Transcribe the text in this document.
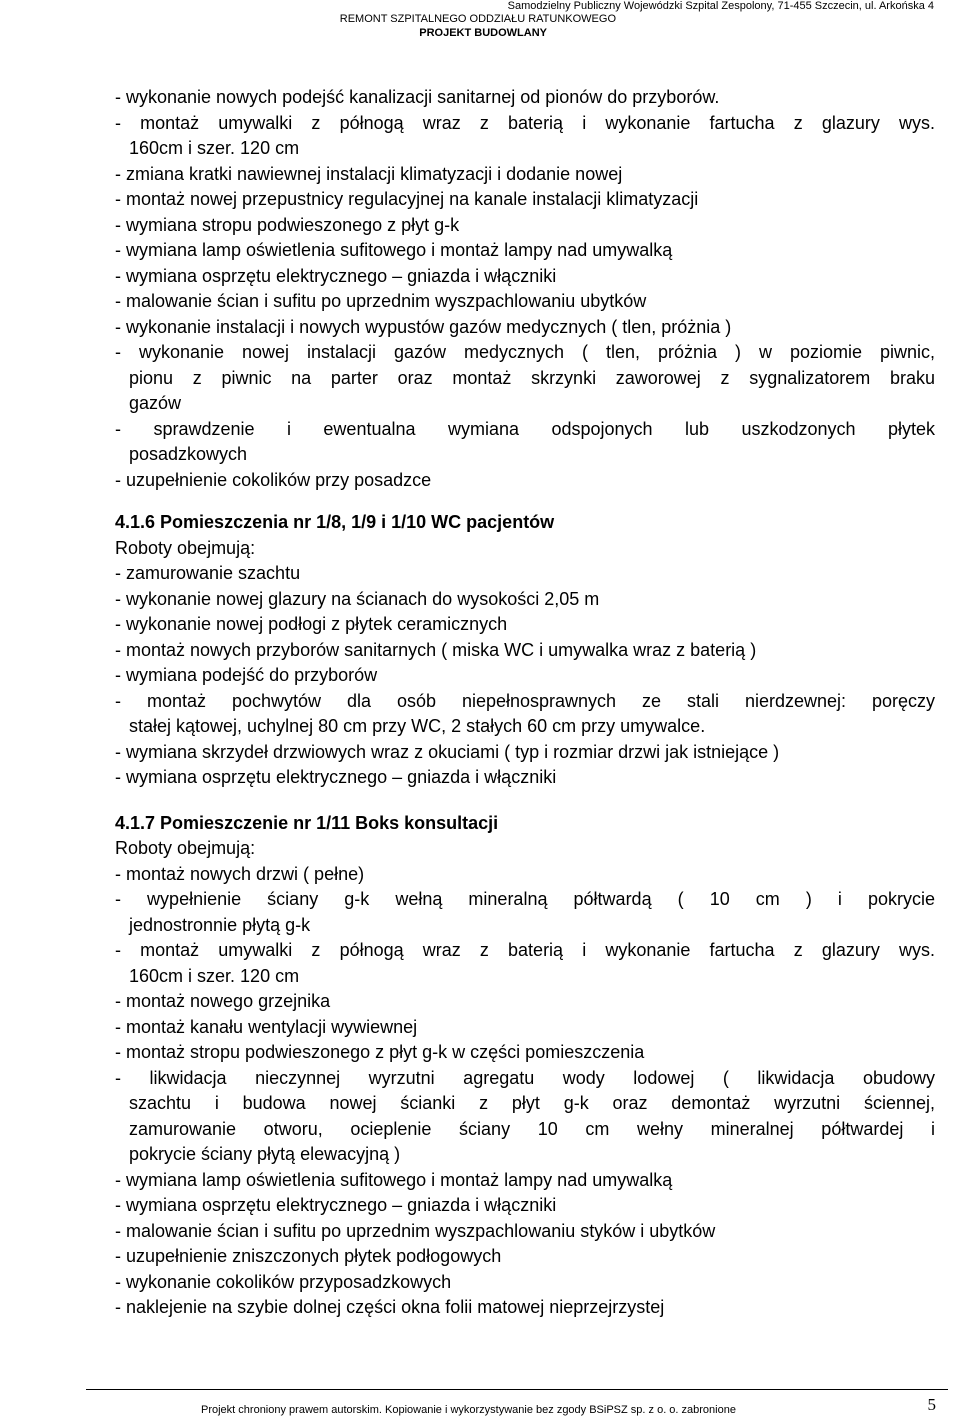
Samodzielny Publiczny Wojewódzki Szpital Zespolony, 71-455 Szczecin, ul. Arkońska 4
REMONT SZPITALNEGO ODDZIAŁU RATUNKOWEGO
PROJEKT BUDOWLANY
- wykonanie nowych podejść kanalizacji sanitarnej od pionów do przyborów.
- montaż umywalki z półnogą wraz z baterią i wykonanie fartucha z glazury wys.
160cm i szer. 120 cm
- zmiana kratki nawiewnej instalacji klimatyzacji i dodanie nowej
- montaż nowej przepustnicy regulacyjnej na kanale instalacji klimatyzacji
- wymiana stropu podwieszonego z płyt g-k
- wymiana lamp oświetlenia sufitowego i montaż lampy nad umywalką
- wymiana osprzętu elektrycznego – gniazda i włączniki
- malowanie ścian i sufitu po uprzednim wyszpachlowaniu ubytków
- wykonanie instalacji i nowych wypustów gazów medycznych ( tlen, próżnia )
- wykonanie nowej instalacji gazów medycznych ( tlen, próżnia ) w poziomie piwnic,
pionu z piwnic na parter oraz montaż skrzynki zaworowej z sygnalizatorem braku
gazów
- sprawdzenie i ewentualna wymiana odspojonych lub uszkodzonych płytek
posadzkowych
- uzupełnienie cokolików przy posadzce
4.1.6 Pomieszczenia nr 1/8, 1/9 i 1/10 WC pacjentów
Roboty obejmują:
- zamurowanie szachtu
- wykonanie nowej glazury na ścianach do wysokości 2,05 m
- wykonanie nowej podłogi z płytek ceramicznych
- montaż nowych przyborów sanitarnych ( miska WC i umywalka wraz z baterią )
- wymiana podejść do przyborów
- montaż pochwytów dla osób niepełnosprawnych ze stali nierdzewnej: poręczy
stałej kątowej, uchylnej 80 cm przy WC, 2 stałych 60 cm przy umywalce.
- wymiana skrzydeł drzwiowych wraz z okuciami ( typ i rozmiar drzwi jak istniejące )
- wymiana osprzętu elektrycznego – gniazda i włączniki
4.1.7 Pomieszczenie nr 1/11 Boks konsultacji
Roboty obejmują:
- montaż nowych drzwi ( pełne)
- wypełnienie ściany g-k wełną mineralną półtwardą ( 10 cm ) i pokrycie
jednostronnie płytą g-k
- montaż umywalki z półnogą wraz z baterią i wykonanie fartucha z glazury wys.
160cm i szer. 120 cm
- montaż nowego grzejnika
- montaż kanału wentylacji wywiewnej
- montaż stropu podwieszonego z płyt g-k w części pomieszczenia
- likwidacja nieczynnej wyrzutni agregatu wody lodowej ( likwidacja obudowy
szachtu i budowa nowej ścianki z płyt g-k oraz demontaż wyrzutni ściennej,
zamurowanie otworu, ocieplenie ściany 10 cm wełny mineralnej półtwardej i
pokrycie ściany płytą elewacyjną )
- wymiana lamp oświetlenia sufitowego i montaż lampy nad umywalką
- wymiana osprzętu elektrycznego – gniazda i włączniki
- malowanie ścian i sufitu po uprzednim wyszpachlowaniu styków i ubytków
- uzupełnienie zniszczonych płytek podłogowych
- wykonanie cokolików przyposadzkowych
- naklejenie na szybie dolnej części okna folii matowej nieprzejrzystej
Projekt chroniony prawem autorskim. Kopiowanie i wykorzystywanie bez zgody BSiPSZ sp. z o. o. zabronione	5
